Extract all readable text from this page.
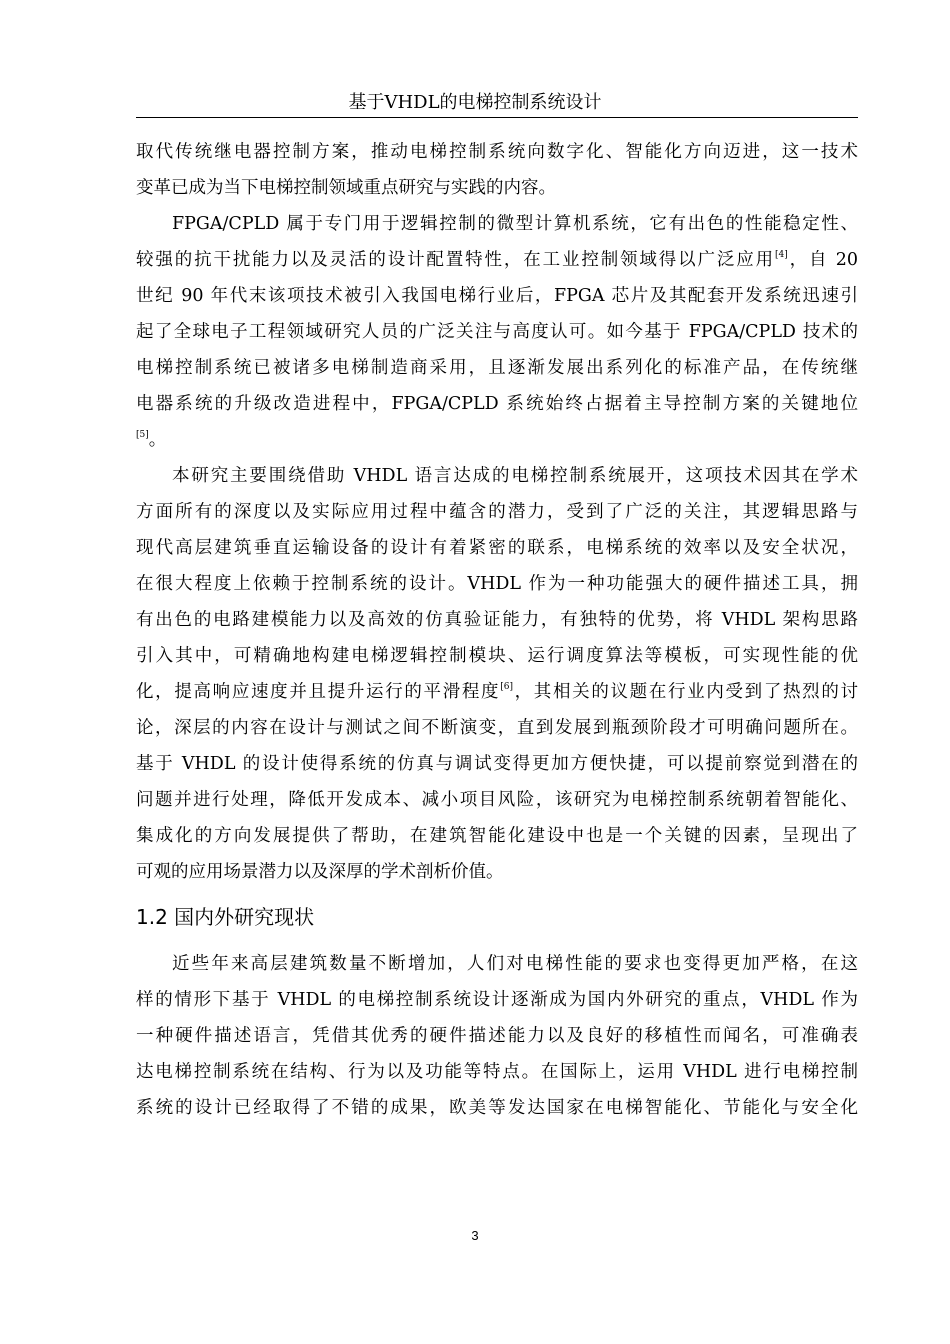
基于VHDL的电梯控制系统设计
取代传统继电器控制方案，推动电梯控制系统向数字化、智能化方向迈进，这一技术
变革已成为当下电梯控制领域重点研究与实践的内容。
FPGA/CPLD 属于专门用于逻辑控制的微型计算机系统，它有出色的性能稳定性、
较强的抗干扰能力以及灵活的设计配置特性，在工业控制领域得以广泛应用[4]，自 20
世纪 90 年代末该项技术被引入我国电梯行业后，FPGA 芯片及其配套开发系统迅速引
起了全球电子工程领域研究人员的广泛关注与高度认可。如今基于 FPGA/CPLD 技术的
电梯控制系统已被诸多电梯制造商采用，且逐渐发展出系列化的标准产品，在传统继
电器系统的升级改造进程中，FPGA/CPLD 系统始终占据着主导控制方案的关键地位
[5]。
本研究主要围绕借助 VHDL 语言达成的电梯控制系统展开，这项技术因其在学术
方面所有的深度以及实际应用过程中蕴含的潜力，受到了广泛的关注，其逻辑思路与
现代高层建筑垂直运输设备的设计有着紧密的联系，电梯系统的效率以及安全状况，
在很大程度上依赖于控制系统的设计。VHDL 作为一种功能强大的硬件描述工具，拥
有出色的电路建模能力以及高效的仿真验证能力，有独特的优势，将 VHDL 架构思路
引入其中，可精确地构建电梯逻辑控制模块、运行调度算法等模板，可实现性能的优
化，提高响应速度并且提升运行的平滑程度[6]，其相关的议题在行业内受到了热烈的讨
论，深层的内容在设计与测试之间不断演变，直到发展到瓶颈阶段才可明确问题所在。
基于 VHDL 的设计使得系统的仿真与调试变得更加方便快捷，可以提前察觉到潜在的
问题并进行处理，降低开发成本、减小项目风险，该研究为电梯控制系统朝着智能化、
集成化的方向发展提供了帮助，在建筑智能化建设中也是一个关键的因素，呈现出了
可观的应用场景潜力以及深厚的学术剖析价值。
1.2 国内外研究现状
近些年来高层建筑数量不断增加，人们对电梯性能的要求也变得更加严格，在这
样的情形下基于 VHDL 的电梯控制系统设计逐渐成为国内外研究的重点，VHDL 作为
一种硬件描述语言，凭借其优秀的硬件描述能力以及良好的移植性而闻名，可准确表
达电梯控制系统在结构、行为以及功能等特点。在国际上，运用 VHDL 进行电梯控制
系统的设计已经取得了不错的成果，欧美等发达国家在电梯智能化、节能化与安全化
3
